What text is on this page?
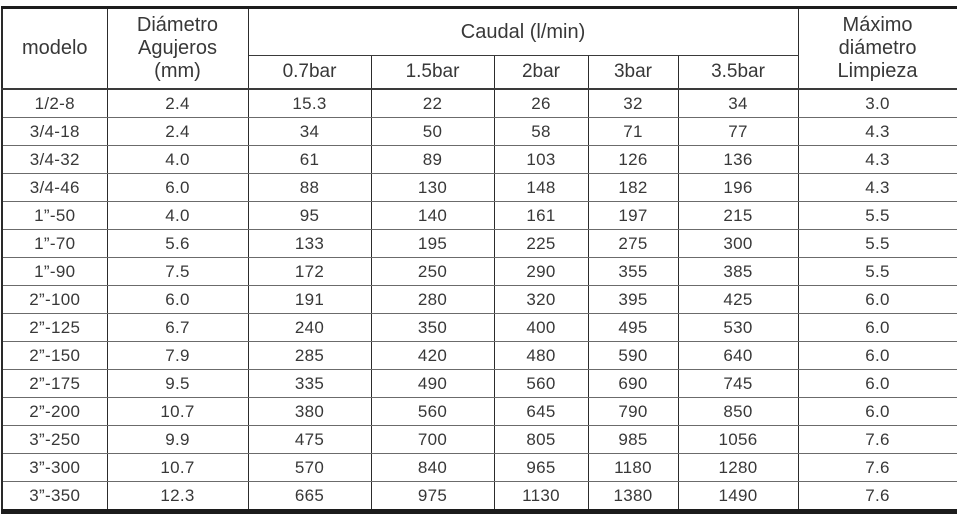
modelo	Diámetro Agujeros (mm)	Caudal (l/min)					Máximo diámetro Limpieza
		0.7bar	1.5bar	2bar	3bar	3.5bar	
1/2-8	2.4	15.3	22	26	32	34	3.0
3/4-18	2.4	34	50	58	71	77	4.3
3/4-32	4.0	61	89	103	126	136	4.3
3/4-46	6.0	88	130	148	182	196	4.3
1”-50	4.0	95	140	161	197	215	5.5
1”-70	5.6	133	195	225	275	300	5.5
1”-90	7.5	172	250	290	355	385	5.5
2”-100	6.0	191	280	320	395	425	6.0
2”-125	6.7	240	350	400	495	530	6.0
2”-150	7.9	285	420	480	590	640	6.0
2”-175	9.5	335	490	560	690	745	6.0
2”-200	10.7	380	560	645	790	850	6.0
3”-250	9.9	475	700	805	985	1056	7.6
3”-300	10.7	570	840	965	1180	1280	7.6
3”-350	12.3	665	975	1130	1380	1490	7.6
